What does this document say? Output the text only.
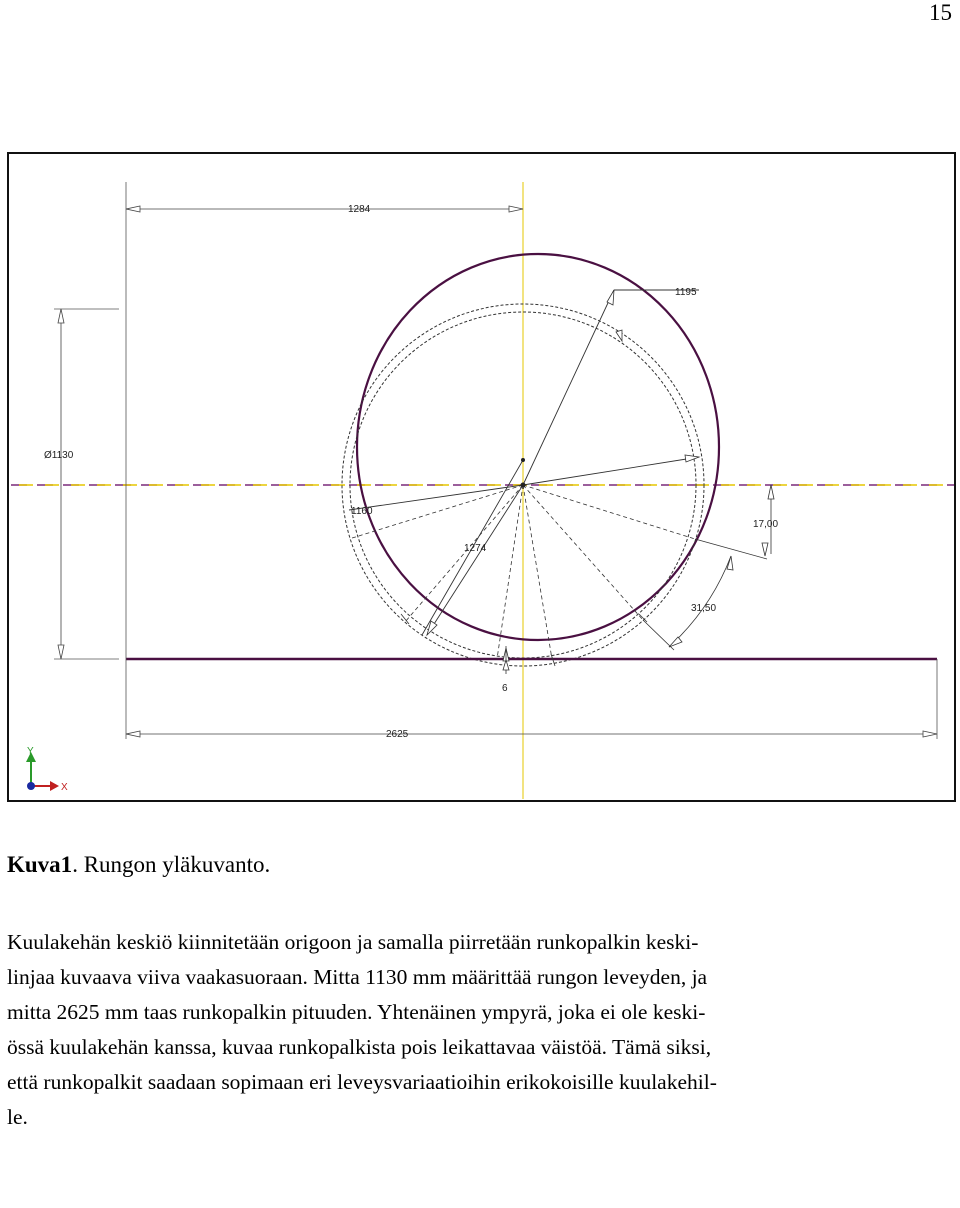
15
1284
Ø1130
2625
17,00
31,50
1195
1160
1274
6
Y
X
Kuva1. Rungon yläkuvanto.
Kuulakehän keskiö kiinnitetään origoon ja samalla piirretään runkopalkin keski-
linjaa kuvaava viiva vaakasuoraan. Mitta 1130 mm määrittää rungon leveyden, ja
mitta 2625 mm taas runkopalkin pituuden. Yhtenäinen ympyrä, joka ei ole keski-
össä kuulakehän kanssa, kuvaa runkopalkista pois leikattavaa väistöä. Tämä siksi,
että runkopalkit saadaan sopimaan eri leveysvariaatioihin erikokoisille kuulakehil-
le.
